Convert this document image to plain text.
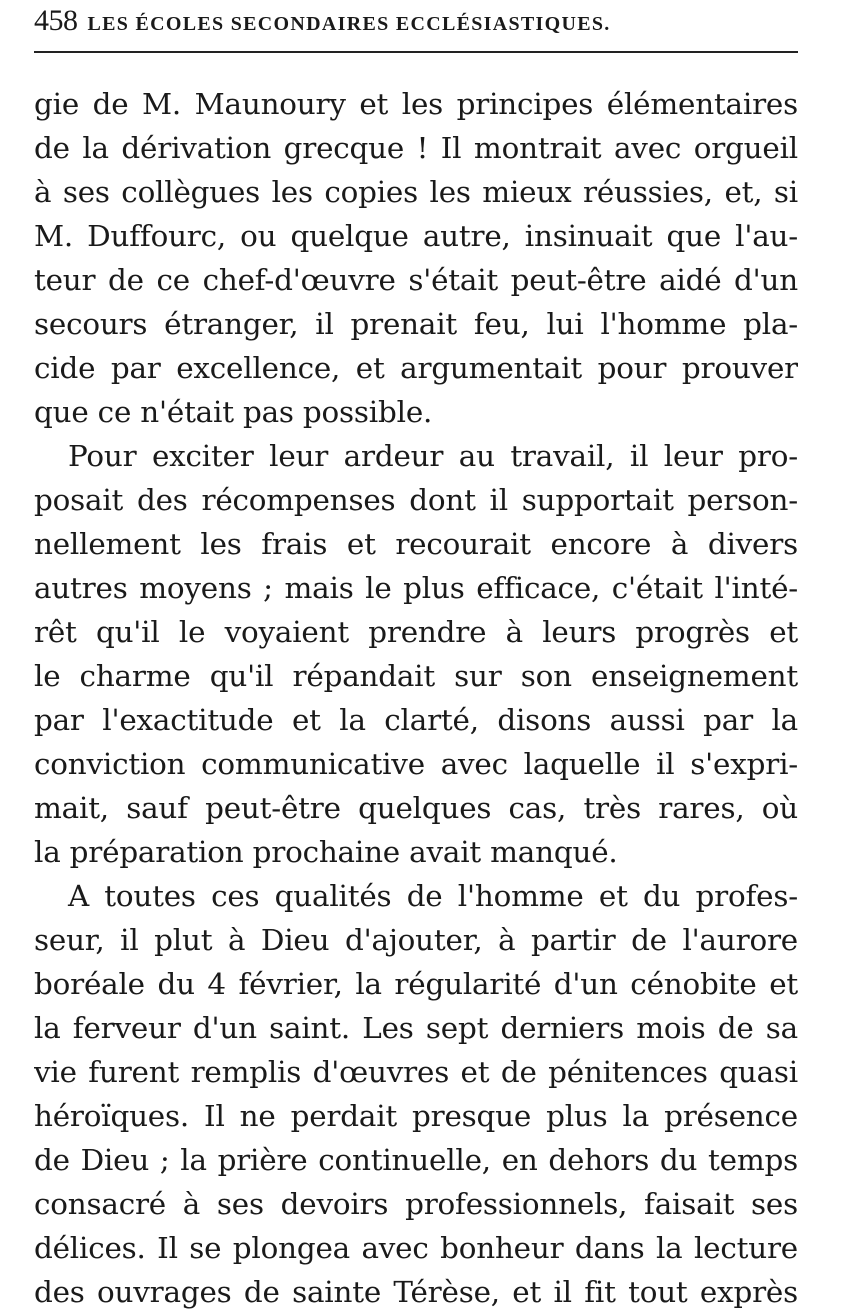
458 LES ÉCOLES SECONDAIRES ECCLÉSIASTIQUES.
gie de M. Maunoury et les principes élémentaires
de la dérivation grecque ! Il montrait avec orgueil
à ses collègues les copies les mieux réussies, et, si
M. Duffourc, ou quelque autre, insinuait que l'au-
teur de ce chef-d'œuvre s'était peut-être aidé d'un
secours étranger, il prenait feu, lui l'homme pla-
cide par excellence, et argumentait pour prouver
que ce n'était pas possible.
Pour exciter leur ardeur au travail, il leur pro-
posait des récompenses dont il supportait person-
nellement les frais et recourait encore à divers
autres moyens ; mais le plus efficace, c'était l'inté-
rêt qu'il le voyaient prendre à leurs progrès et
le charme qu'il répandait sur son enseignement
par l'exactitude et la clarté, disons aussi par la
conviction communicative avec laquelle il s'expri-
mait, sauf peut-être quelques cas, très rares, où
la préparation prochaine avait manqué.
A toutes ces qualités de l'homme et du profes-
seur, il plut à Dieu d'ajouter, à partir de l'aurore
boréale du 4 février, la régularité d'un cénobite et
la ferveur d'un saint. Les sept derniers mois de sa
vie furent remplis d'œuvres et de pénitences quasi
héroïques. Il ne perdait presque plus la présence
de Dieu ; la prière continuelle, en dehors du temps
consacré à ses devoirs professionnels, faisait ses
délices. Il se plongea avec bonheur dans la lecture
des ouvrages de sainte Térèse, et il fit tout exprès
